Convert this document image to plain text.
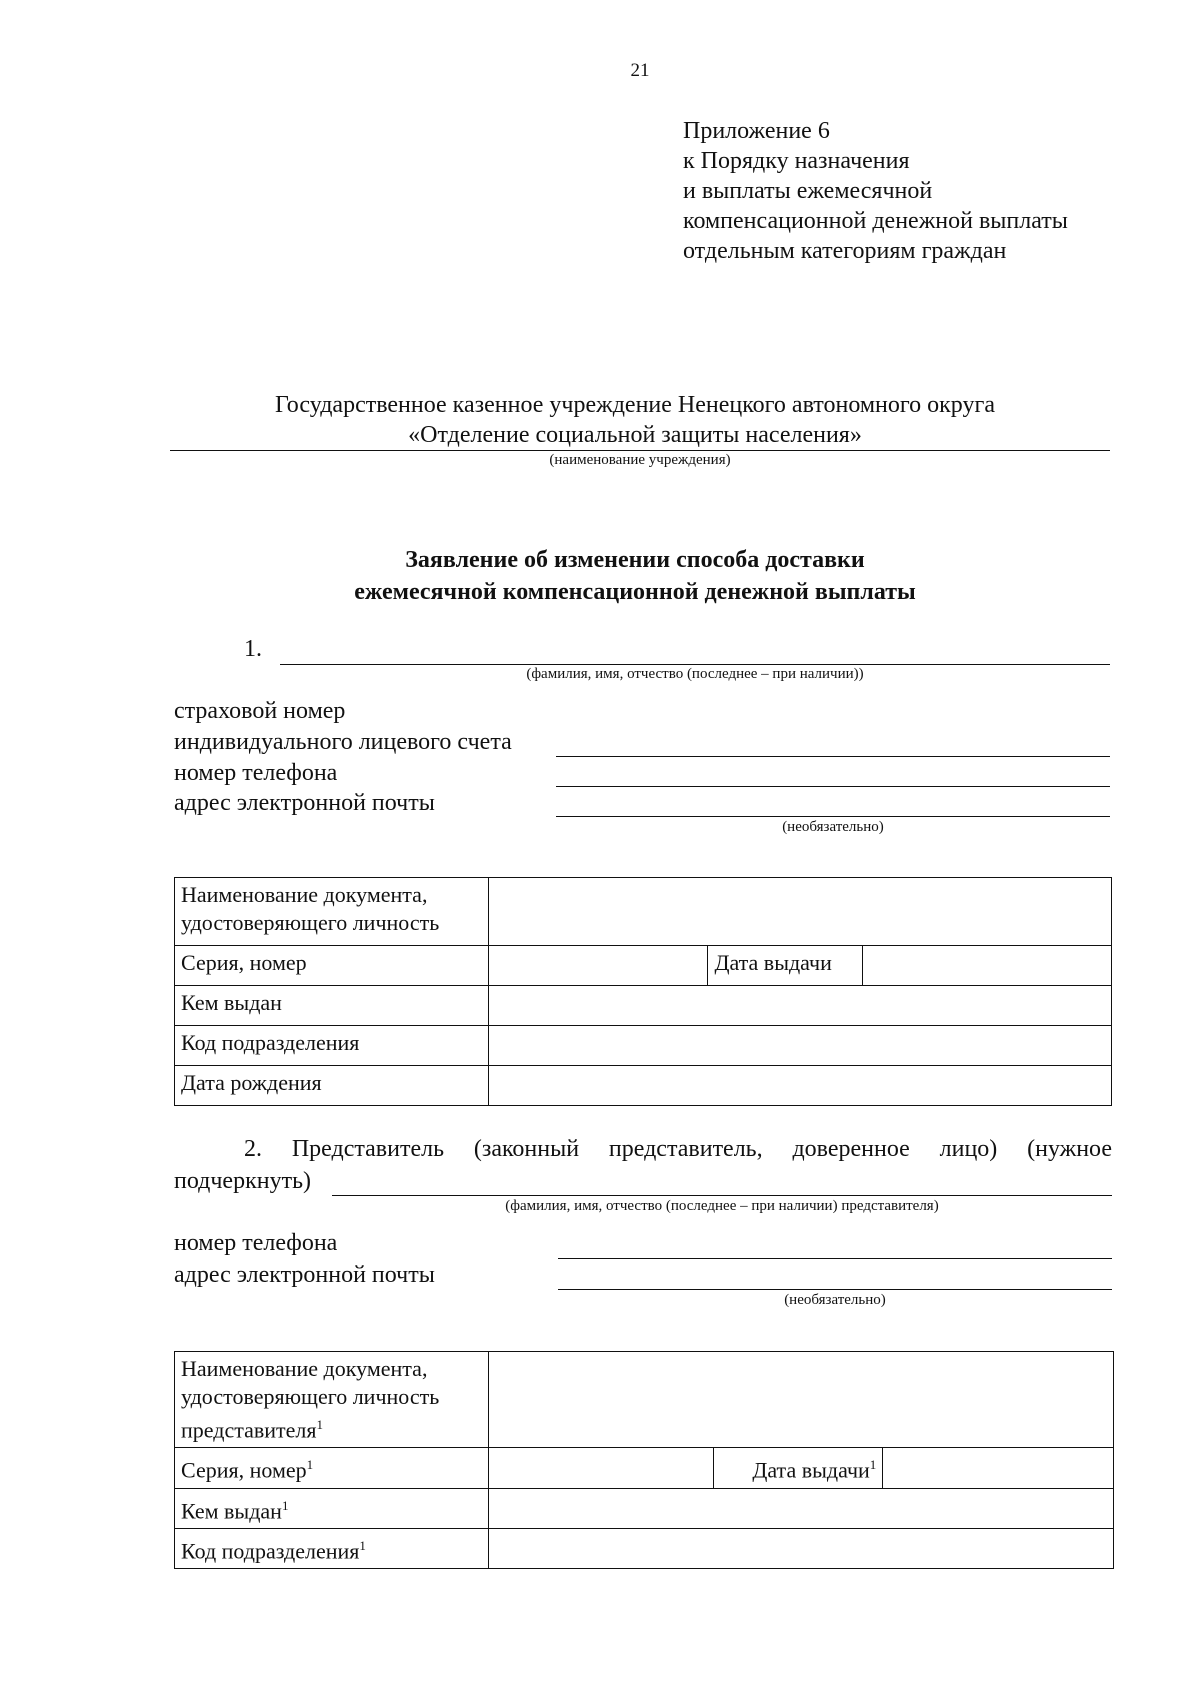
21
Приложение 6
к Порядку назначения
и выплаты ежемесячной
компенсационной денежной выплаты
отдельным категориям граждан
Государственное казенное учреждение Ненецкого автономного округа
«Отделение социальной защиты населения»
(наименование учреждения)
Заявление об изменении способа доставки
ежемесячной компенсационной денежной выплаты
1.
(фамилия, имя, отчество (последнее – при наличии))
страховой номер
индивидуального лицевого счета
номер телефона
адрес электронной почты
(необязательно)
Наименование документа, удостоверяющего личность			
Серия, номер		Дата выдачи	
Кем выдан			
Код подразделения			
Дата рождения			
2. Представитель (законный представитель, доверенное лицо) (нужное
подчеркнуть)
(фамилия, имя, отчество (последнее – при наличии) представителя)
номер телефона
адрес электронной почты
(необязательно)
Наименование документа,
удостоверяющего личность
представителя$^1$

Серия, номер$^1$		Дата выдачи$^1$	
Кем выдан$^1$	
Код подразделения$^1$	
